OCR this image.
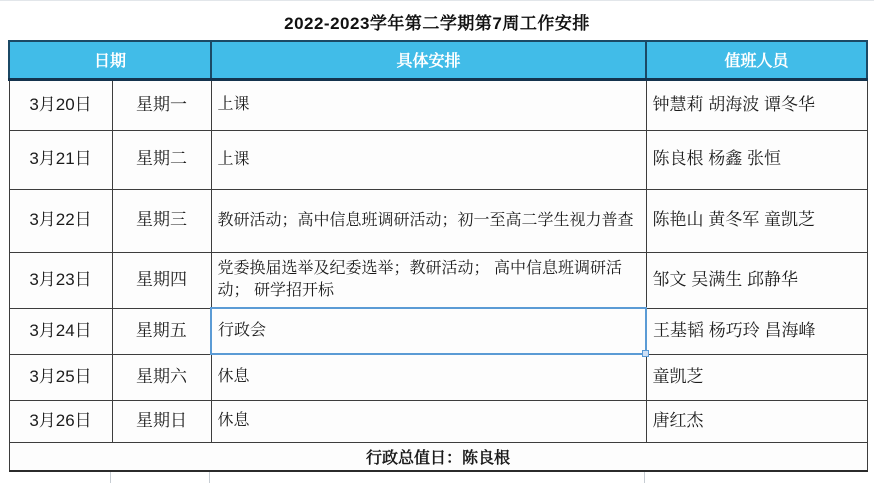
2022-2023学年第二学期第7周工作安排
日期		具体安排	值班人员
3月20日	星期一	上课	钟慧莉 胡海波 谭冬华
3月21日	星期二	上课	陈良根 杨鑫 张恒
3月22日	星期三	教研活动；高中信息班调研活动；初一至高二学生视力普查	陈艳山 黄冬军 童凯芝
3月23日	星期四	党委换届选举及纪委选举；教研活动； 高中信息班调研活动； 研学招开标	邹文 吴满生 邱静华
3月24日	星期五	行政会	王基韬 杨巧玲 昌海峰
3月25日	星期六	休息	童凯芝
3月26日	星期日	休息	唐红杰
行政总值日：陈良根			
